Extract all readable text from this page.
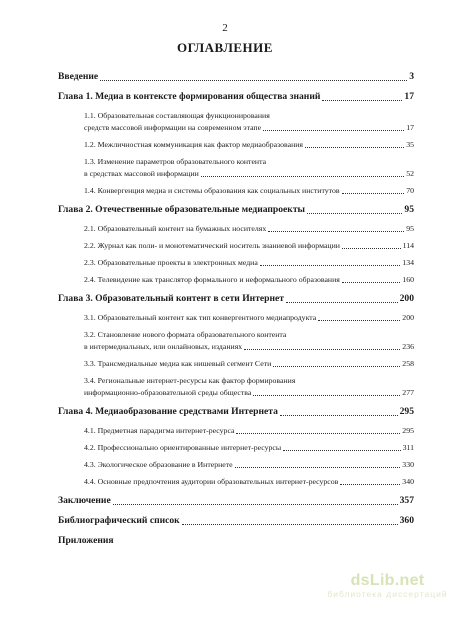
2
ОГЛАВЛЕНИЕ
Введение	3
Глава 1. Медиа в контексте формирования общества знаний	17
1.1. Образовательная составляющая функционирования
средств массовой информации на современном этапе	17
1.2. Межличностная коммуникация как фактор медиаобразования	35
1.3. Изменение параметров образовательного контента
в средствах массовой информации	52
1.4. Конвергенция медиа и системы образования как социальных институтов	70
Глава 2. Отечественные образовательные медиапроекты	95
2.1. Образовательный контент на бумажных носителях	95
2.2. Журнал как поли- и монотематический носитель знаниевой информации	114
2.3. Образовательные проекты в электронных медиа	134
2.4. Телевидение как транслятор формального и неформального образования	160
Глава 3. Образовательный контент в сети Интернет	200
3.1. Образовательный контент как тип конвергентного медиапродукта	200
3.2. Становление нового формата образовательного контента
в интермедиальных, или онлайновых, изданиях	236
3.3. Трансмедиальные медиа как нишевый сегмент Сети	258
3.4. Региональные интернет-ресурсы как фактор формирования
информационно-образовательной среды общества	277
Глава 4. Медиаобразование средствами Интернета	295
4.1. Предметная парадигма интернет-ресурса	295
4.2. Профессионально ориентированные интернет-ресурсы	311
4.3. Экологическое образование в Интернете	330
4.4. Основные предпочтения аудитории образовательных интернет-ресурсов	340
Заключение	357
Библиографический список	360
Приложения
dsLib.net
библиотека диссертаций
